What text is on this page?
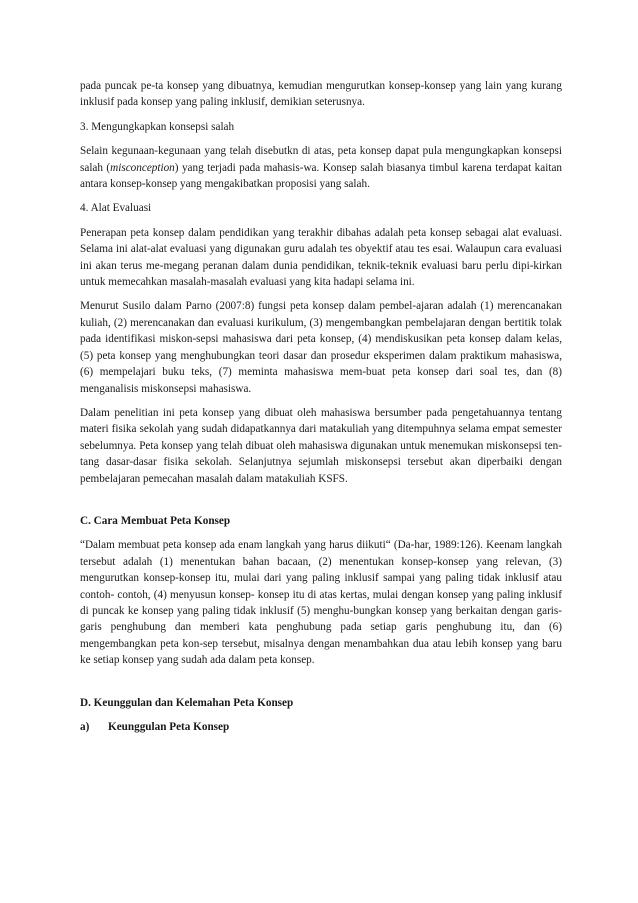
pada puncak pe-ta konsep yang dibuatnya, kemudian mengurutkan konsep-konsep yang lain yang kurang inklusif pada konsep yang paling inklusif, demikian seterusnya.

3. Mengungkapkan konsepsi salah

Selain kegunaan-kegunaan yang telah disebutkn di atas, peta konsep dapat pula mengungkapkan konsepsi salah (misconception) yang terjadi pada mahasis-wa. Konsep salah biasanya timbul karena terdapat kaitan antara konsep-konsep yang mengakibatkan proposisi yang salah.

4. Alat Evaluasi

Penerapan peta konsep dalam pendidikan yang terakhir dibahas adalah peta konsep sebagai alat evaluasi. Selama ini alat-alat evaluasi yang digunakan guru adalah tes obyektif atau tes esai. Walaupun cara evaluasi ini akan terus me-megang peranan dalam dunia pendidikan, teknik-teknik evaluasi baru perlu dipi-kirkan untuk memecahkan masalah-masalah evaluasi yang kita hadapi selama ini.

Menurut Susilo dalam Parno (2007:8) fungsi peta konsep dalam pembel-ajaran adalah (1) merencanakan kuliah, (2) merencanakan dan evaluasi kurikulum, (3) mengembangkan pembelajaran dengan bertitik tolak pada identifikasi miskon-sepsi mahasiswa dari peta konsep, (4) mendiskusikan peta konsep dalam kelas, (5) peta konsep yang menghubungkan teori dasar dan prosedur eksperimen dalam praktikum mahasiswa, (6) mempelajari buku teks, (7) meminta mahasiswa mem-buat peta konsep dari soal tes, dan (8) menganalisis miskonsepsi mahasiswa.

Dalam penelitian ini peta konsep yang dibuat oleh mahasiswa bersumber pada pengetahuannya tentang materi fisika sekolah yang sudah didapatkannya dari matakuliah yang ditempuhnya selama empat semester sebelumnya. Peta konsep yang telah dibuat oleh mahasiswa digunakan untuk menemukan miskonsepsi ten-tang dasar-dasar fisika sekolah. Selanjutnya sejumlah miskonsepsi tersebut akan diperbaiki dengan pembelajaran pemecahan masalah dalam matakuliah KSFS.

C. Cara Membuat Peta Konsep

“Dalam membuat peta konsep ada enam langkah yang harus diikuti“ (Da-har, 1989:126). Keenam langkah tersebut adalah (1) menentukan bahan bacaan, (2) menentukan konsep-konsep yang relevan, (3) mengurutkan konsep-konsep itu, mulai dari yang paling inklusif sampai yang paling tidak inklusif atau contoh- contoh, (4) menyusun konsep- konsep itu di atas kertas, mulai dengan konsep yang paling inklusif di puncak ke konsep yang paling tidak inklusif (5) menghu-bungkan konsep yang berkaitan dengan garis-garis penghubung dan memberi kata penghubung pada setiap garis penghubung itu, dan (6) mengembangkan peta kon-sep tersebut, misalnya dengan menambahkan dua atau lebih konsep yang baru ke setiap konsep yang sudah ada dalam peta konsep.

D. Keunggulan dan Kelemahan Peta Konsep

a)	Keunggulan Peta Konsep
